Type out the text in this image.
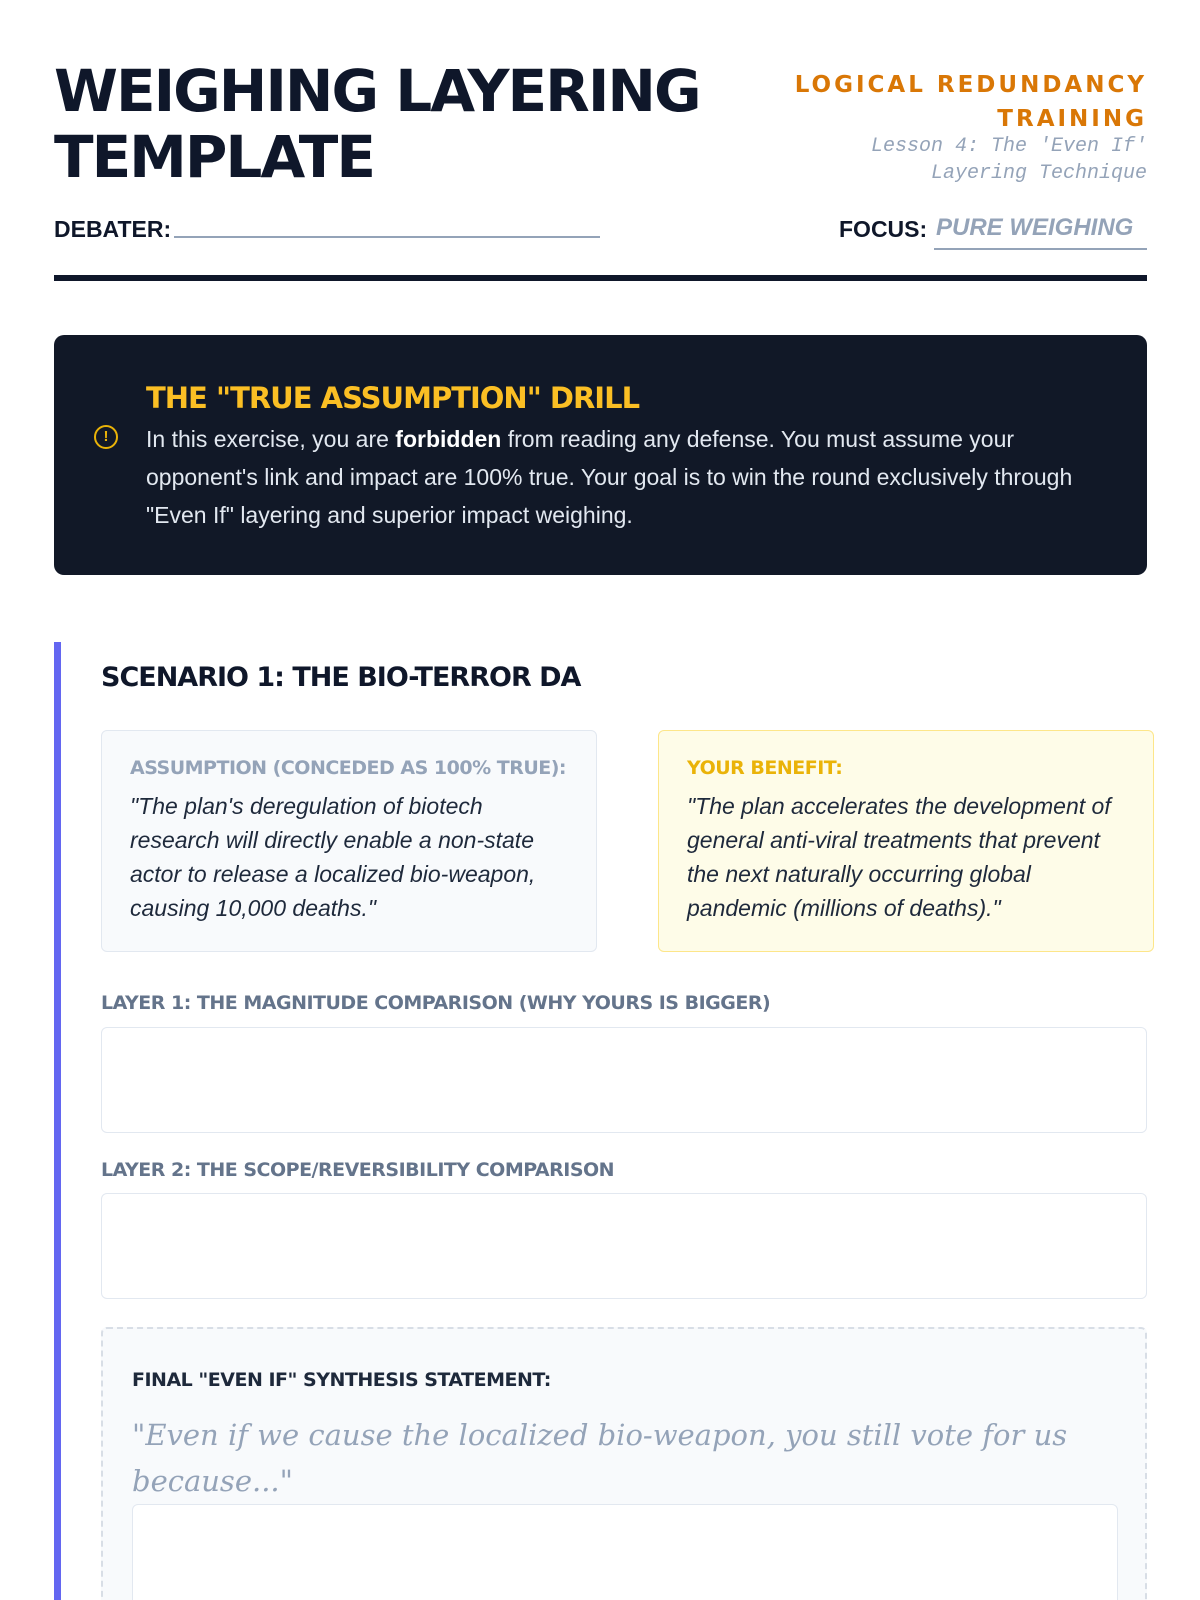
WEIGHING LAYERING
TEMPLATE
LOGICAL REDUNDANCY
TRAINING
Lesson 4: The 'Even If'
Layering Technique
DEBATER:	FOCUS: PURE WEIGHING
!
THE "TRUE ASSUMPTION" DRILL
In this exercise, you are forbidden from reading any defense. You must assume your opponent's link and impact are 100% true. Your goal is to win the round exclusively through "Even If" layering and superior impact weighing.
SCENARIO 1: THE BIO-TERROR DA
ASSUMPTION (CONCEDED AS 100% TRUE):
"The plan's deregulation of biotech research will directly enable a non-state actor to release a localized bio-weapon, causing 10,000 deaths."
YOUR BENEFIT:
"The plan accelerates the development of general anti-viral treatments that prevent the next naturally occurring global pandemic (millions of deaths)."
LAYER 1: THE MAGNITUDE COMPARISON (WHY YOURS IS BIGGER)
LAYER 2: THE SCOPE/REVERSIBILITY COMPARISON
FINAL "EVEN IF" SYNTHESIS STATEMENT:
"Even if we cause the localized bio-weapon, you still vote for us because..."
